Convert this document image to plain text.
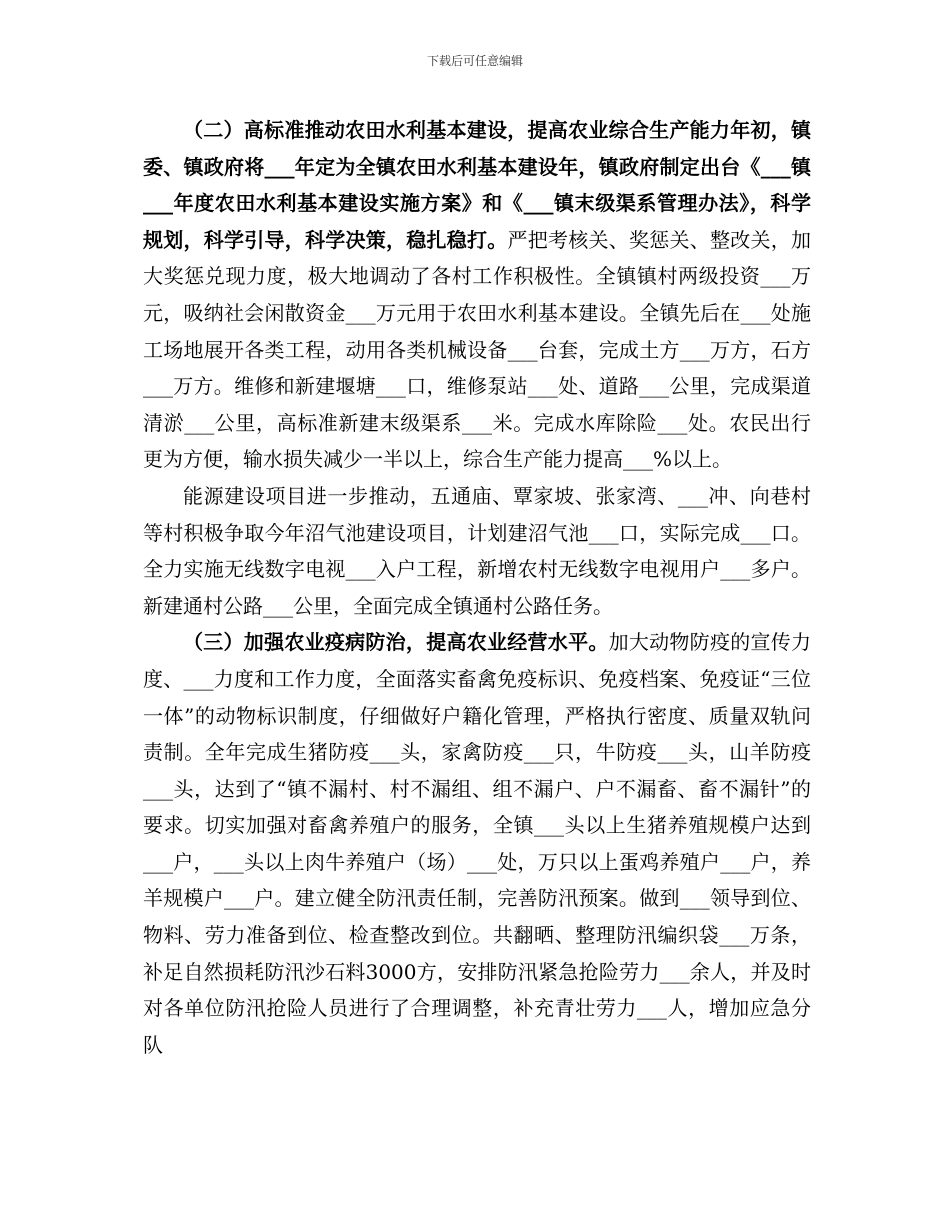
下载后可任意编辑

（二）高标准推动农田水利基本建设，提高农业综合生产能力年初，镇委、镇政府将___年定为全镇农田水利基本建设年，镇政府制定出台《___镇___年度农田水利基本建设实施方案》和《___镇末级渠系管理办法》，科学规划，科学引导，科学决策，稳扎稳打。严把考核关、奖惩关、整改关，加大奖惩兑现力度，极大地调动了各村工作积极性。全镇镇村两级投资___万元，吸纳社会闲散资金___万元用于农田水利基本建设。全镇先后在___处施工场地展开各类工程，动用各类机械设备___台套，完成土方___万方，石方___万方。维修和新建堰塘___口，维修泵站___处、道路___公里，完成渠道清淤___公里，高标准新建末级渠系___米。完成水库除险___处。农民出行更为方便，输水损失减少一半以上，综合生产能力提高___%以上。

能源建设项目进一步推动，五通庙、覃家坡、张家湾、___冲、向巷村等村积极争取今年沼气池建设项目，计划建沼气池___口，实际完成___口。全力实施无线数字电视___入户工程，新增农村无线数字电视用户___多户。新建通村公路___公里，全面完成全镇通村公路任务。

（三）加强农业疫病防治，提高农业经营水平。加大动物防疫的宣传力度、___力度和工作力度，全面落实畜禽免疫标识、免疫档案、免疫证“三位一体”的动物标识制度，仔细做好户籍化管理，严格执行密度、质量双轨问责制。全年完成生猪防疫___头，家禽防疫___只，牛防疫___头，山羊防疫___头，达到了“镇不漏村、村不漏组、组不漏户、户不漏畜、畜不漏针”的要求。切实加强对畜禽养殖户的服务，全镇___头以上生猪养殖规模户达到___户，___头以上肉牛养殖户（场）___处，万只以上蛋鸡养殖户___户，养羊规模户___户。建立健全防汛责任制，完善防汛预案。做到___领导到位、物料、劳力准备到位、检查整改到位。共翻晒、整理防汛编织袋___万条，补足自然损耗防汛沙石料3000方，安排防汛紧急抢险劳力___余人，并及时对各单位防汛抢险人员进行了合理调整，补充青壮劳力___人，增加应急分队
